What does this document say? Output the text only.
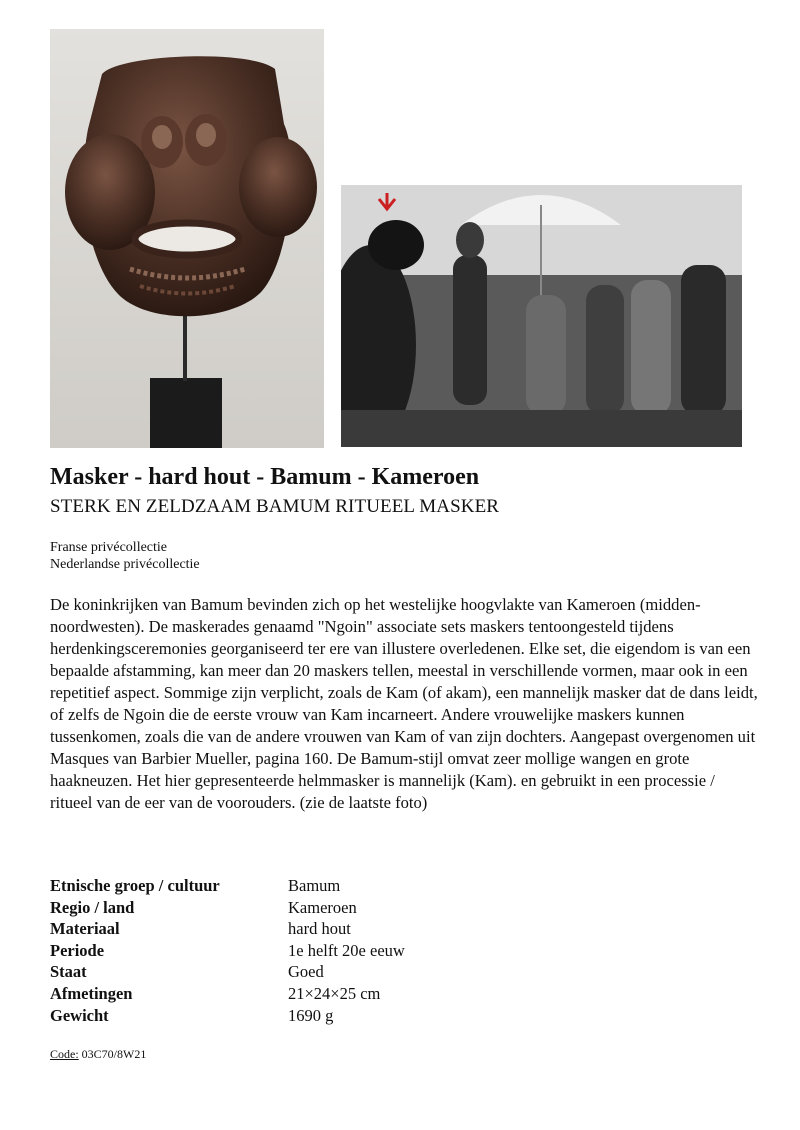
Masker - hard hout - Bamum - Kameroen
STERK EN ZELDZAAM BAMUM RITUEEL MASKER
Franse privécollectie
Nederlandse privécollectie

De koninkrijken van Bamum bevinden zich op het westelijke hoogvlakte van Kameroen (midden-noordwesten). De maskerades genaamd "Ngoin" associate sets maskers tentoongesteld tijdens herdenkingsceremonies georganiseerd ter ere van illustere overledenen. Elke set, die eigendom is van een bepaalde afstamming, kan meer dan 20 maskers tellen, meestal in verschillende vormen, maar ook in een repetitief aspect. Sommige zijn verplicht, zoals de Kam (of akam), een mannelijk masker dat de dans leidt, of zelfs de Ngoin die de eerste vrouw van Kam incarneert. Andere vrouwelijke maskers kunnen tussenkomen, zoals die van de andere vrouwen van Kam of van zijn dochters. Aangepast overgenomen uit Masques van Barbier Mueller, pagina 160. De Bamum-stijl omvat zeer mollige wangen en grote haakneuzen. Het hier gepresenteerde helmmasker is mannelijk (Kam). en gebruikt in een processie / ritueel van de eer van de voorouders. (zie de laatste foto)

Etnische groep / cultuur	Bamum
Regio / land	Kameroen
Materiaal	hard hout
Periode	1e helft 20e eeuw
Staat	Goed
Afmetingen	21×24×25 cm
Gewicht	1690 g
Code: 03C70/8W21
